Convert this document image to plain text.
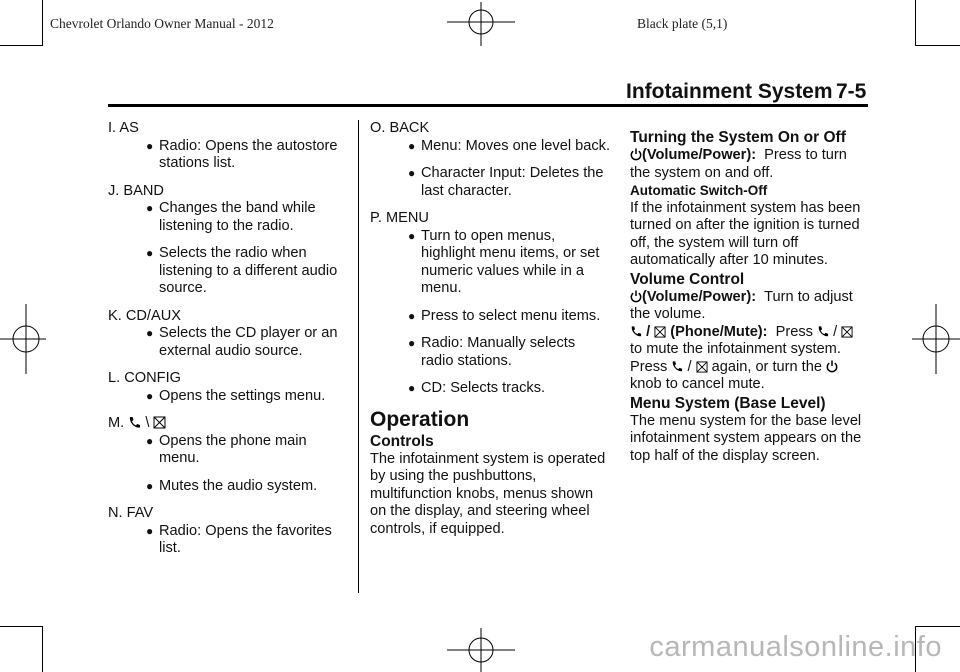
Chevrolet Orlando Owner Manual - 2012	Black plate (5,1)
Infotainment System 7-5

I. AS

● Radio: Opens the autostore stations list.

J. BAND

● Changes the band while listening to the radio.
● Selects the radio when listening to a different audio source.

K. CD/AUX

● Selects the CD player or an external audio source.

L. CONFIG

● Opens the settings menu.

M. \

● Opens the phone main menu.
● Mutes the audio system.

N. FAV

● Radio: Opens the favorites list.

O. BACK

● Menu: Moves one level back.
● Character Input: Deletes the last character.

P. MENU

● Turn to open menus, highlight menu items, or set numeric values while in a menu.
● Press to select menu items.
● Radio: Manually selects radio stations.
● CD: Selects tracks.

Operation

Controls

The infotainment system is operated by using the pushbuttons, multifunction knobs, menus shown on the display, and steering wheel controls, if equipped.

Turning the System On or Off

(Volume/Power): Press to turn the system on and off.

Automatic Switch-Off

If the infotainment system has been turned on after the ignition is turned off, the system will turn off automatically after 10 minutes.

Volume Control

(Volume/Power): Turn to adjust the volume.

/ (Phone/Mute): Press /
to mute the infotainment system.

Press / again, or turn the
knob to cancel mute.

Menu System (Base Level)

The menu system for the base level infotainment system appears on the top half of the display screen.

carmanualsonline.info
